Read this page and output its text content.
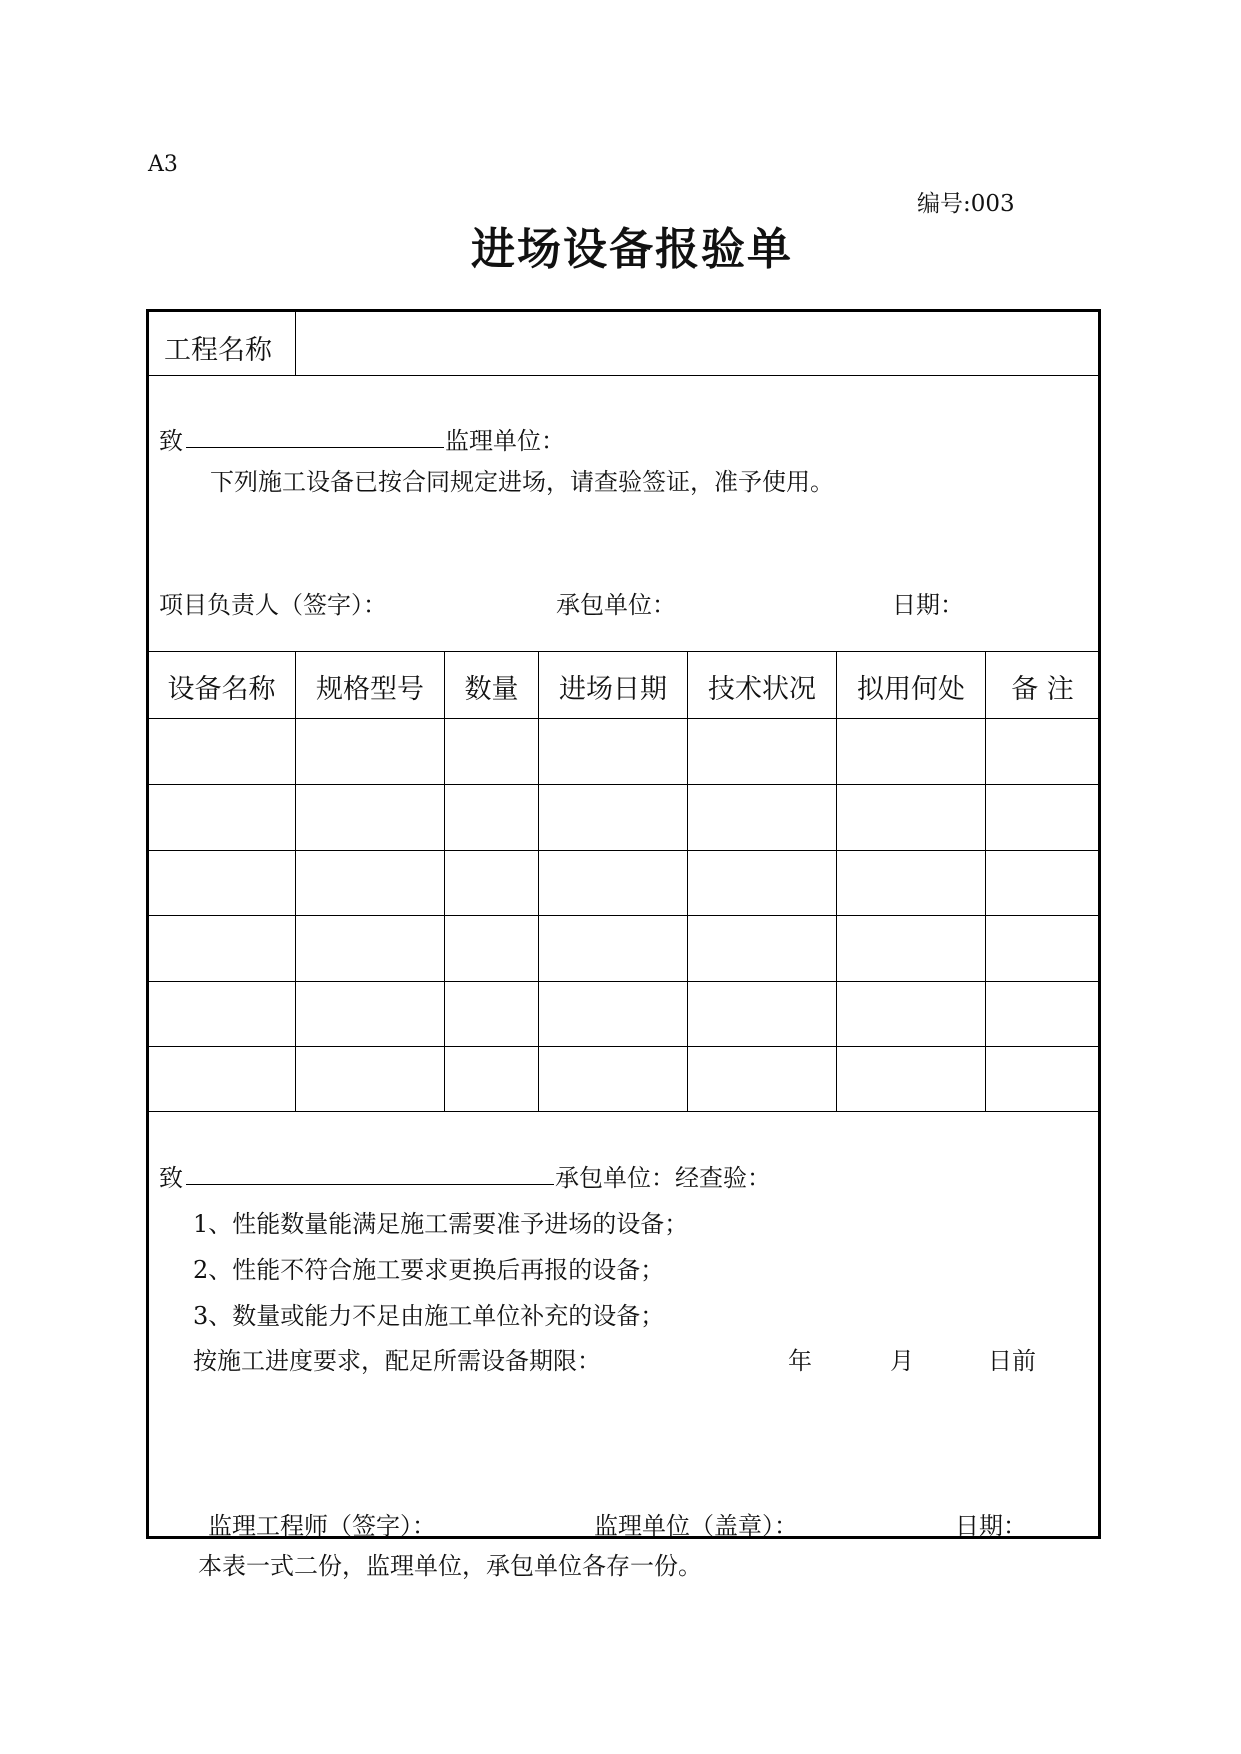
A3
编号:003
进场设备报验单
工程名称
致	监理单位：
下列施工设备已按合同规定进场，请查验签证，准予使用。
项目负责人（签字）：	承包单位：	日期：
设备名称	规格型号	数量	进场日期	技术状况	拟用何处	备 注
致	承包单位：经查验：
1、性能数量能满足施工需要准予进场的设备；
2、性能不符合施工要求更换后再报的设备；
3、数量或能力不足由施工单位补充的设备；
按施工进度要求，配足所需设备期限：	年	月	日前
监理工程师（签字）：	监理单位（盖章）：	日期：
本表一式二份，监理单位，承包单位各存一份。
